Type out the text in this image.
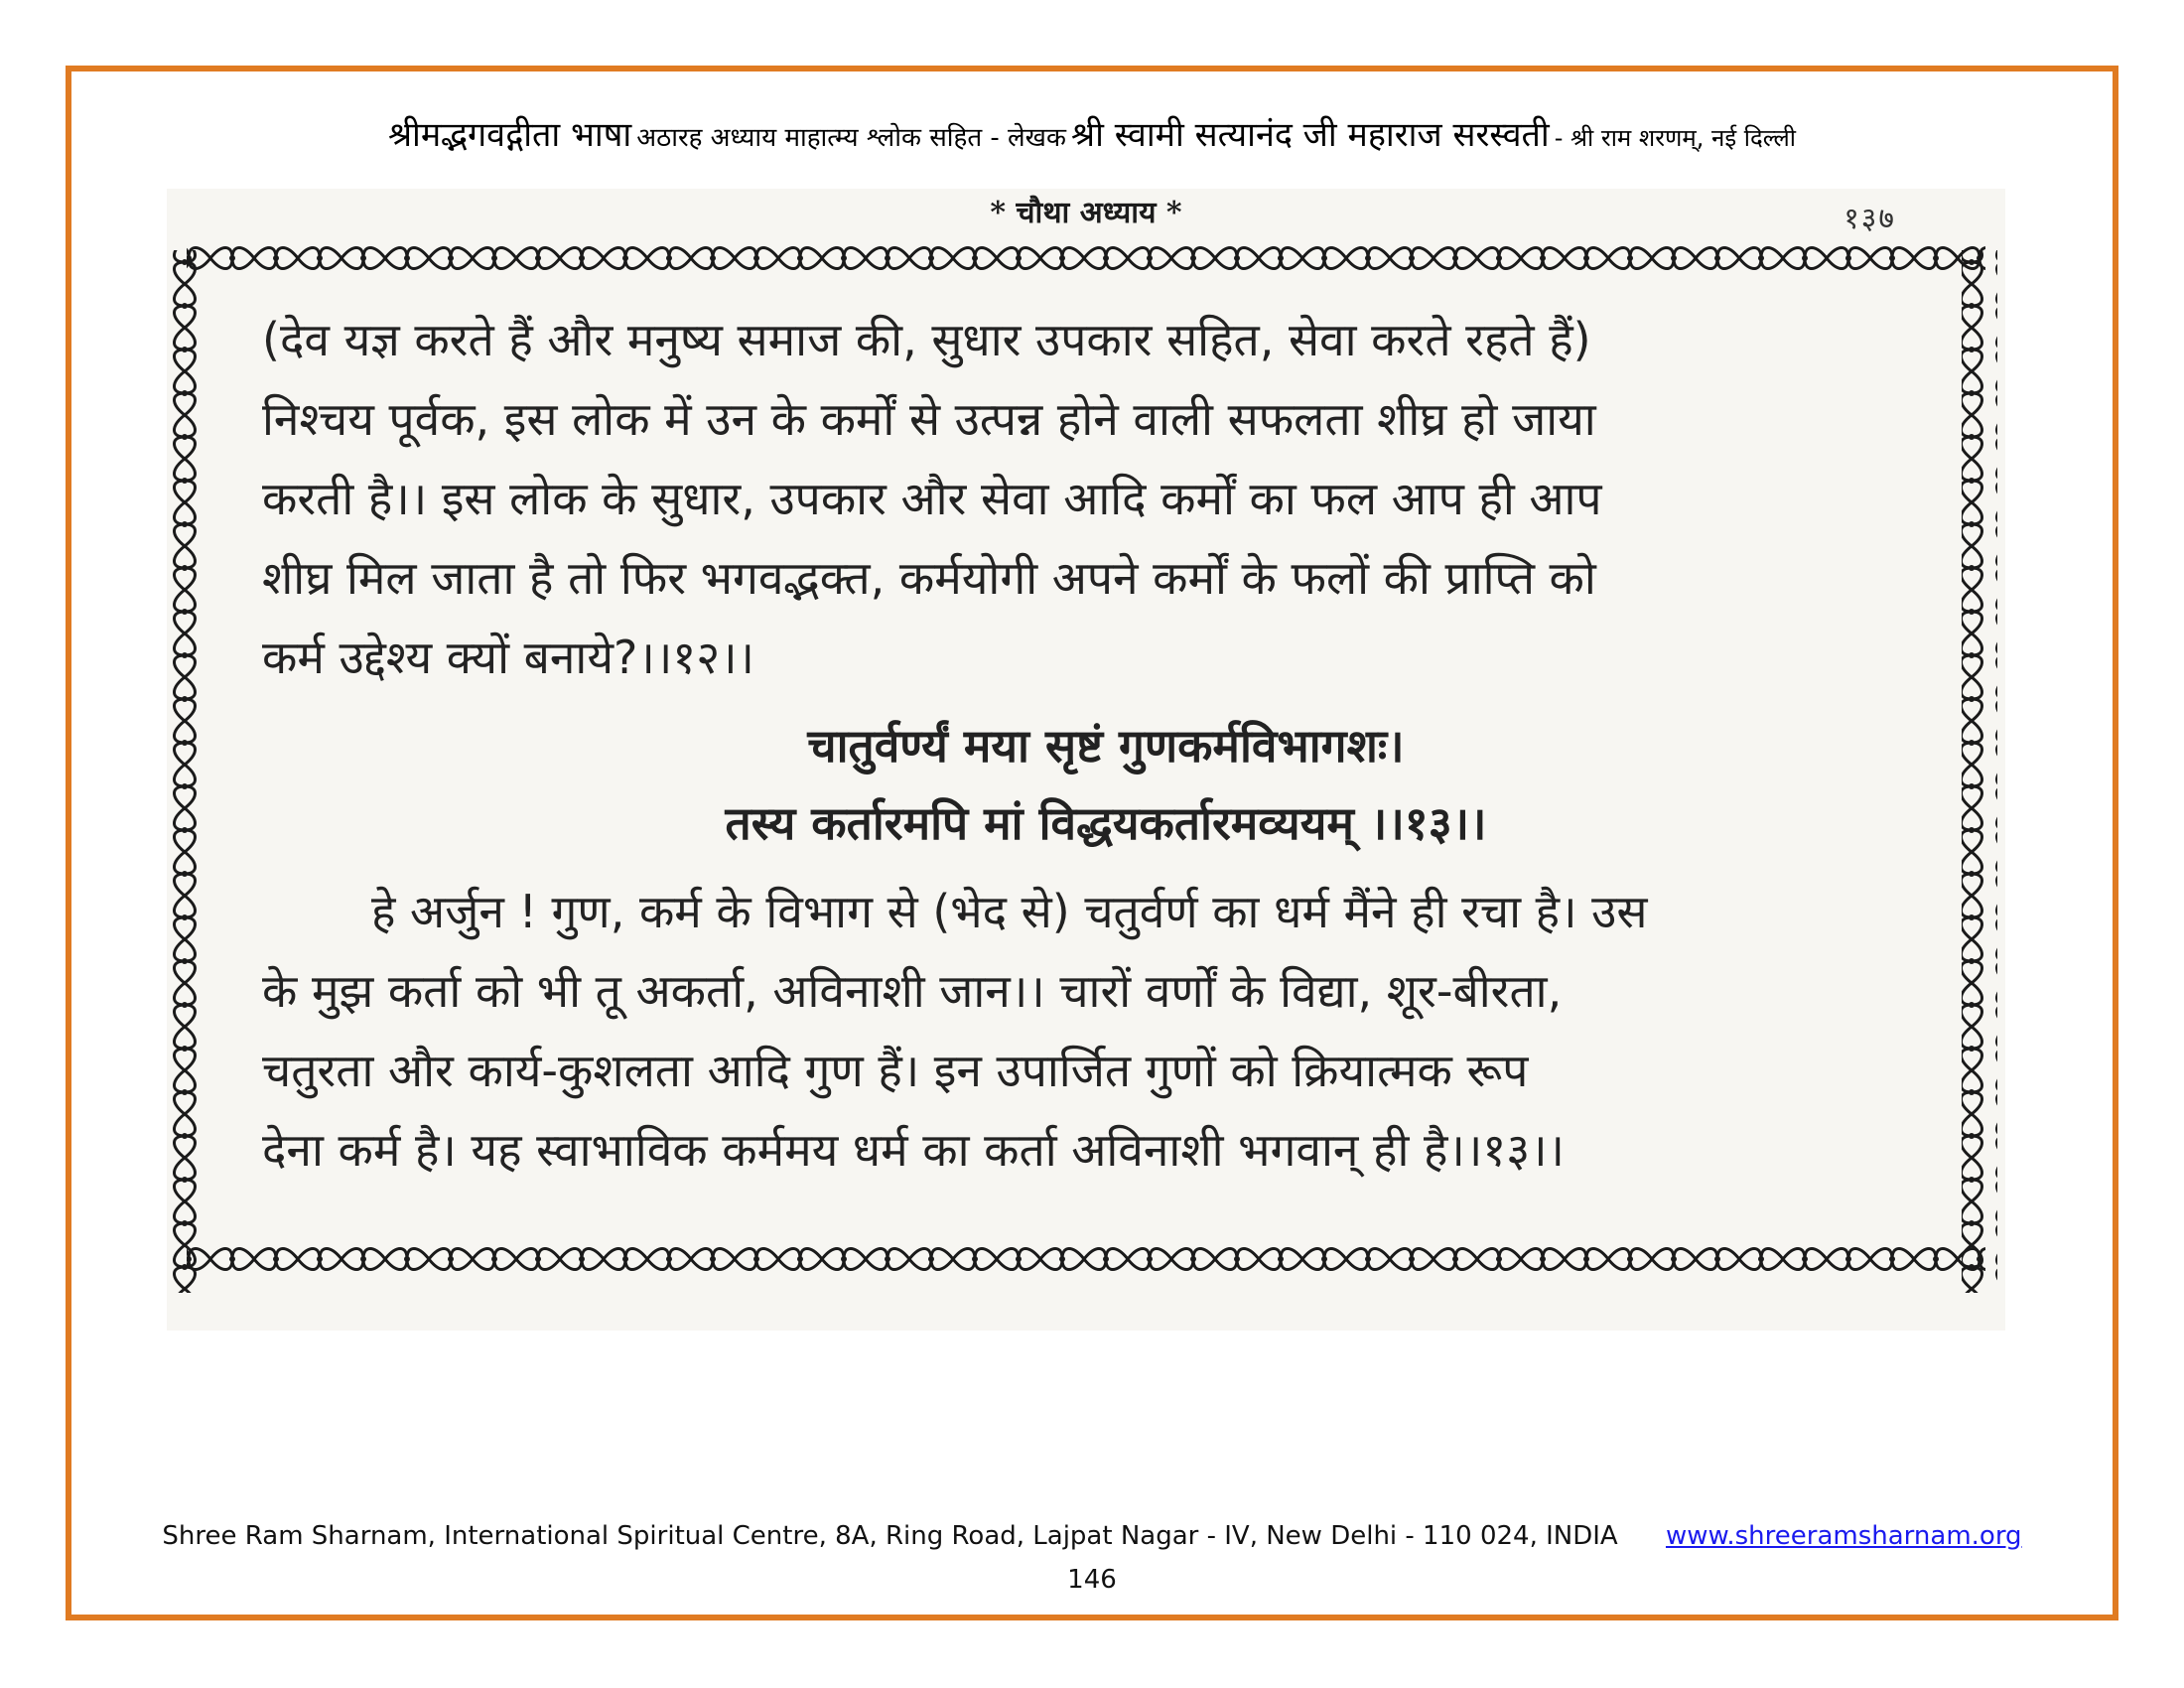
श्रीमद्भगवद्गीता भाषा अठारह अध्याय माहात्म्य श्लोक सहित - लेखक श्री स्वामी सत्यानंद जी महाराज सरस्वती - श्री राम शरणम्, नई दिल्ली
* चौथा अध्याय *	१३७
(देव यज्ञ करते हैं और मनुष्य समाज की, सुधार उपकार सहित, सेवा करते रहते हैं)
निश्चय पूर्वक, इस लोक में उन के कर्मों से उत्पन्न होने वाली सफलता शीघ्र हो जाया
करती है।। इस लोक के सुधार, उपकार और सेवा आदि कर्मों का फल आप ही आप
शीघ्र मिल जाता है तो फिर भगवद्भक्त, कर्मयोगी अपने कर्मों के फलों की प्राप्ति को
कर्म उद्देश्य क्यों बनाये?।।१२।।
चातुर्वर्ण्यं मया सृष्टं गुणकर्मविभागशः।
तस्य कर्तारमपि मां विद्धयकर्तारमव्ययम् ।।१३।।
हे अर्जुन ! गुण, कर्म के विभाग से (भेद से) चतुर्वर्ण का धर्म मैंने ही रचा है। उस
के मुझ कर्ता को भी तू अकर्ता, अविनाशी जान।। चारों वर्णों के विद्या, शूर-बीरता,
चतुरता और कार्य-कुशलता आदि गुण हैं। इन उपार्जित गुणों को क्रियात्मक रूप
देना कर्म है। यह स्वाभाविक कर्ममय धर्म का कर्ता अविनाशी भगवान् ही है।।१३।।
Shree Ram Sharnam, International Spiritual Centre, 8A, Ring Road, Lajpat Nagar - IV, New Delhi - 110 024, INDIA www.shreeramsharnam.org
146
